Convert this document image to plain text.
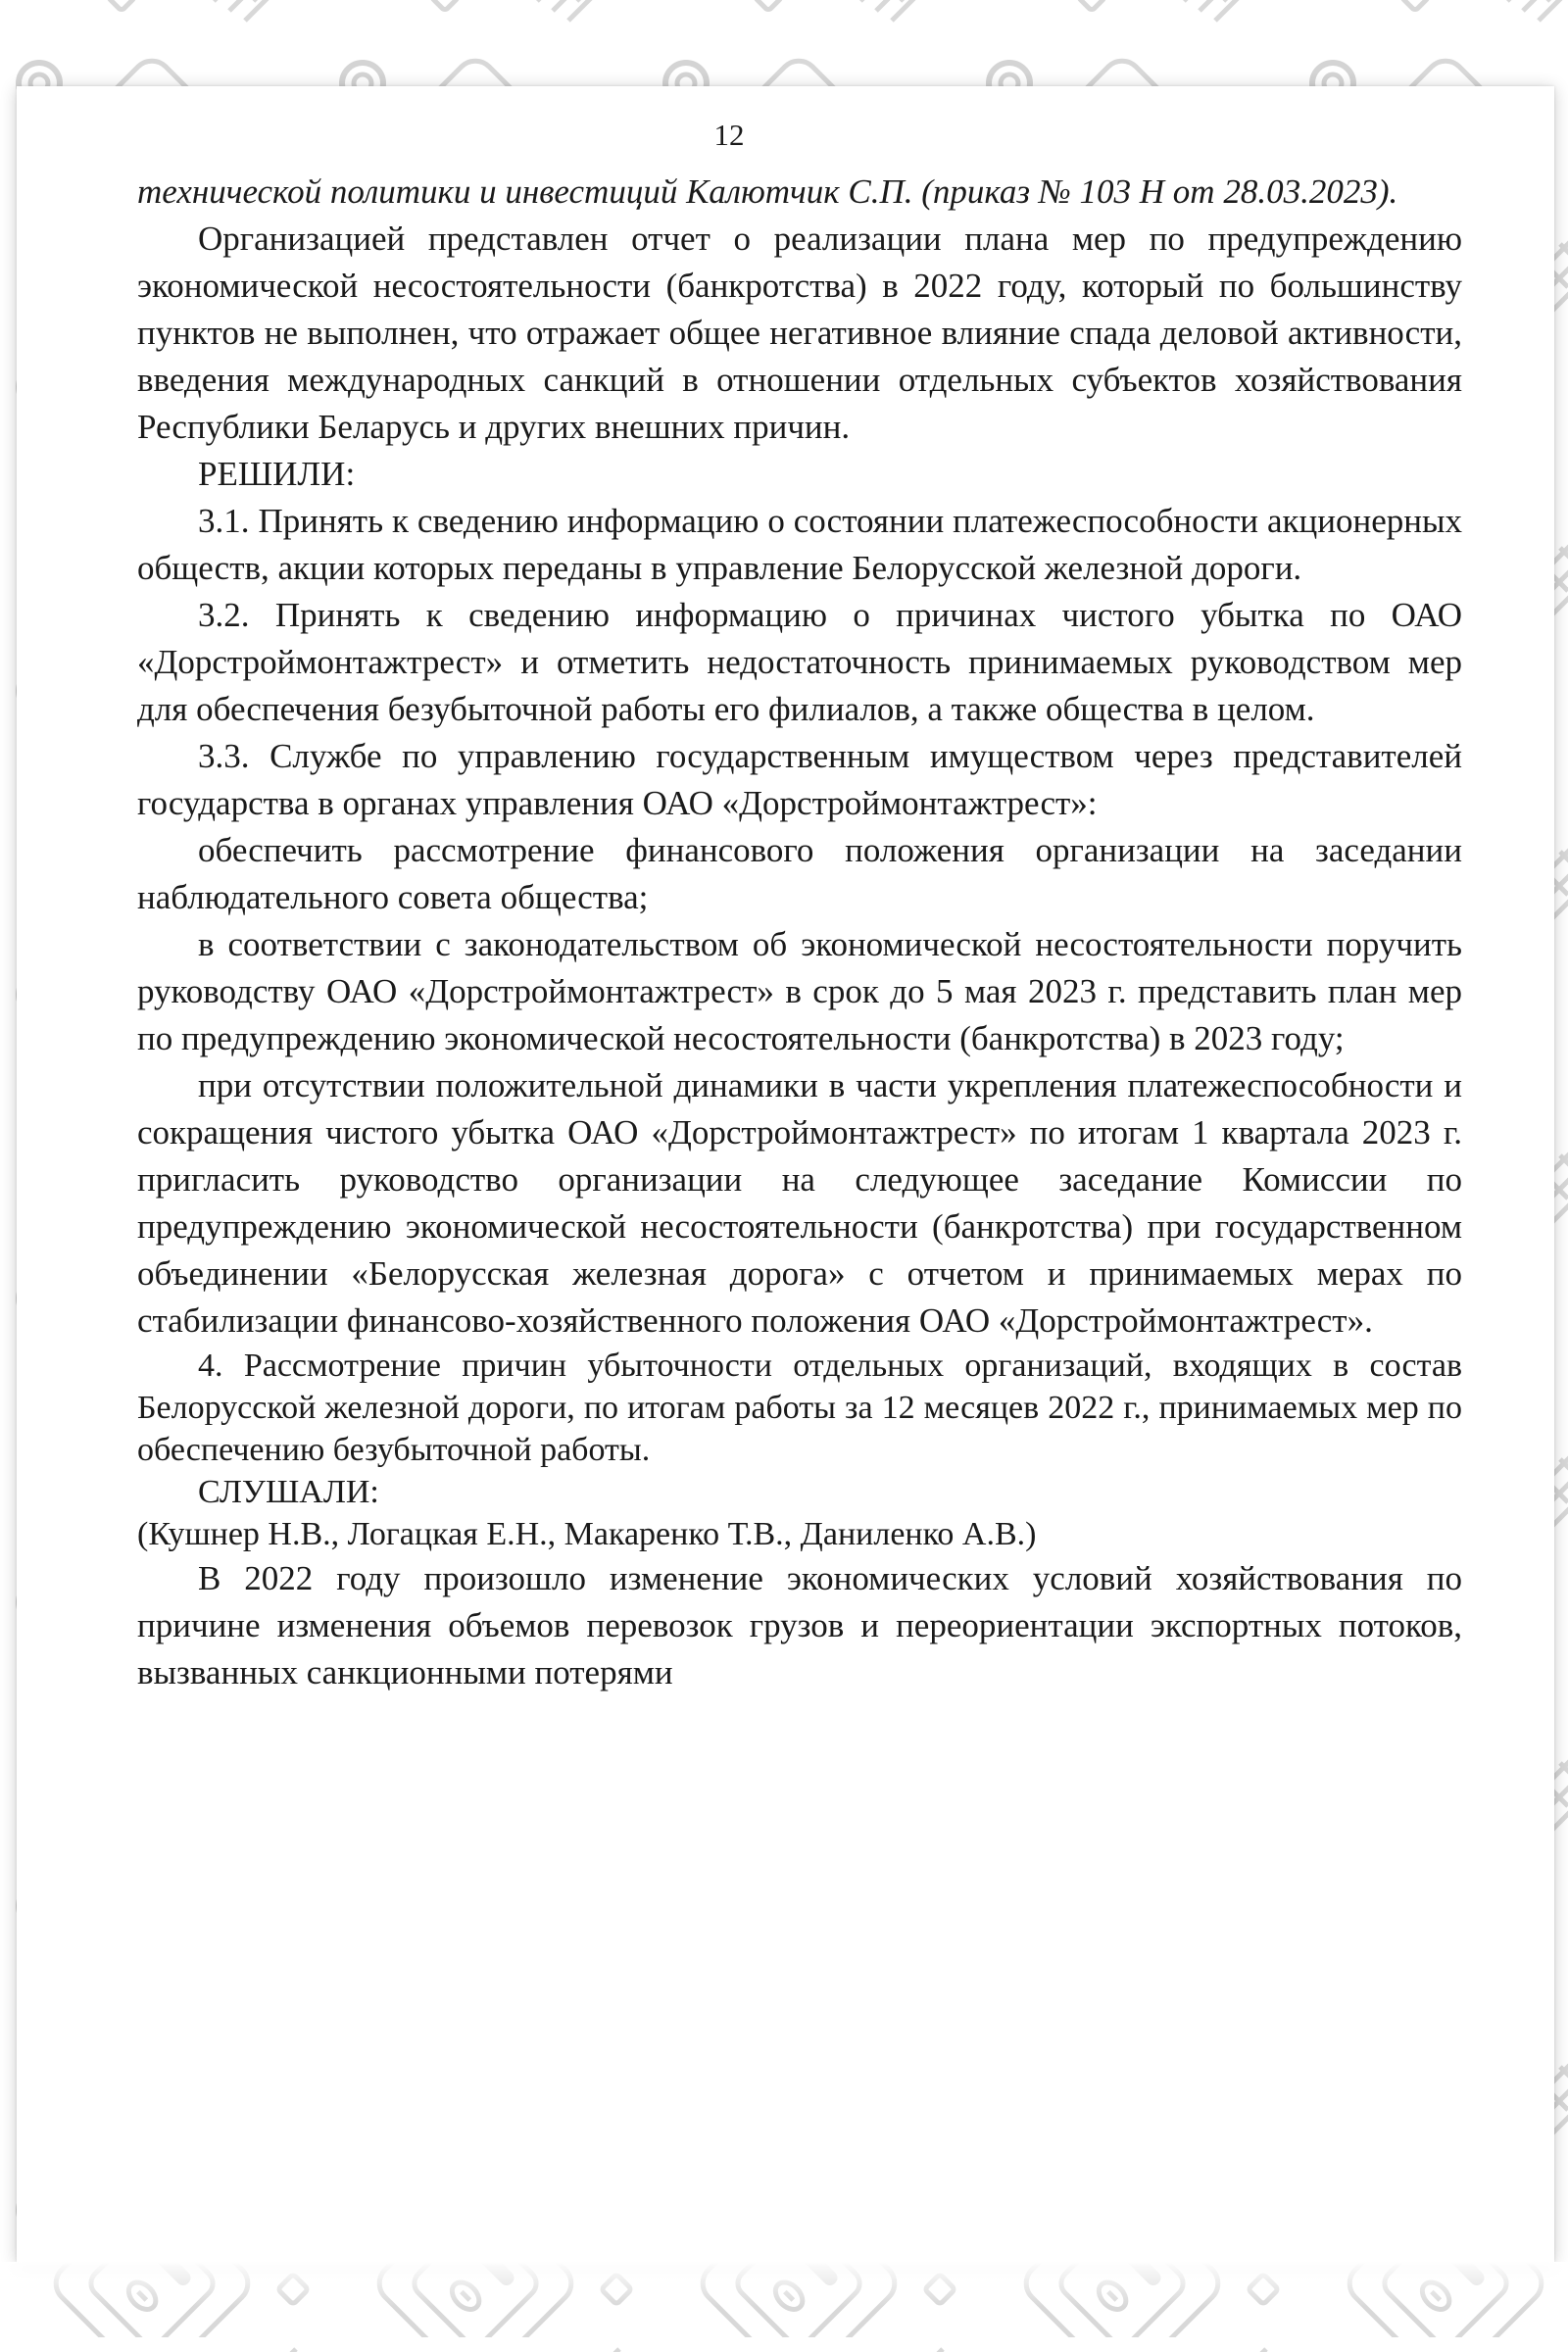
12

технической политики и инвестиций Калютчик С.П. (приказ № 103 Н от 28.03.2023).

Организацией представлен отчет о реализации плана мер по предупреждению экономической несостоятельности (банкротства) в 2022 году, который по большинству пунктов не выполнен, что отражает общее негативное влияние спада деловой активности, введения международных санкций в отношении отдельных субъектов хозяйствования Республики Беларусь и других внешних причин.

РЕШИЛИ:

3.1. Принять к сведению информацию о состоянии платежеспособности акционерных обществ, акции которых переданы в управление Белорусской железной дороги.

3.2. Принять к сведению информацию о причинах чистого убытка по ОАО «Дорстроймонтажтрест» и отметить недостаточность принимаемых руководством мер для обеспечения безубыточной работы его филиалов, а также общества в целом.

3.3. Службе по управлению государственным имуществом через представителей государства в органах управления ОАО «Дорстроймонтажтрест»:

обеспечить рассмотрение финансового положения организации на заседании наблюдательного совета общества;

в соответствии с законодательством об экономической несостоятельности поручить руководству ОАО «Дорстроймонтажтрест» в срок до 5 мая 2023 г. представить план мер по предупреждению экономической несостоятельности (банкротства) в 2023 году;

при отсутствии положительной динамики в части укрепления платежеспособности и сокращения чистого убытка ОАО «Дорстроймонтажтрест» по итогам 1 квартала 2023 г. пригласить руководство организации на следующее заседание Комиссии по предупреждению экономической несостоятельности (банкротства) при государственном объединении «Белорусская железная дорога» с отчетом и принимаемых мерах по стабилизации финансово-хозяйственного положения ОАО «Дорстроймонтажтрест».

4. Рассмотрение причин убыточности отдельных организаций, входящих в состав Белорусской железной дороги, по итогам работы за 12 месяцев 2022 г., принимаемых мер по обеспечению безубыточной работы.

СЛУШАЛИ:

(Кушнер Н.В., Логацкая Е.Н., Макаренко Т.В., Даниленко А.В.)

В 2022 году произошло изменение экономических условий хозяйствования по причине изменения объемов перевозок грузов и переориентации экспортных потоков, вызванных санкционными потерями
